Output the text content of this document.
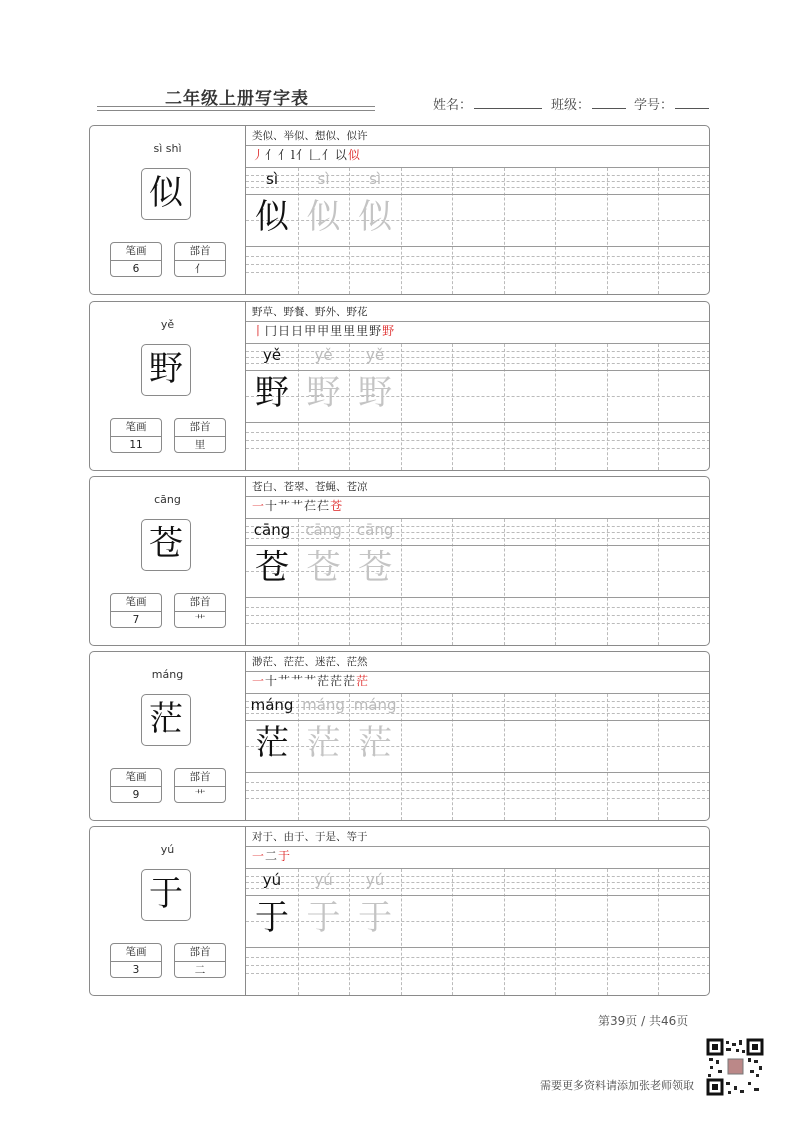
二年级上册写字表	姓名：	班级：	学号：
sì shì
似
笔画
6
部首
亻
类似、举似、想似、似许
丿亻亻l亻𠃊亻以似
sì
似
sì
似
sì
似
yě
野
笔画
11
部首
里
野草、野餐、野外、野花
丨冂日日甲甲里里里野野
yě
野
yě
野
yě
野
cāng
苍
笔画
7
部首
艹
苍白、苍翠、苍蝇、苍凉
一十艹艹芢芢苍
cāng
苍
cāng
苍
cāng
苍
máng
茫
笔画
9
部首
艹
渺茫、茫茫、迷茫、茫然
一十艹艹艹茫茫茫茫
máng
茫
máng
茫
máng
茫
yú
于
笔画
3
部首
二
对于、由于、于是、等于
一二于
yú
于
yú
于
yú
于
第39页 / 共46页
需要更多资料请添加张老师领取
